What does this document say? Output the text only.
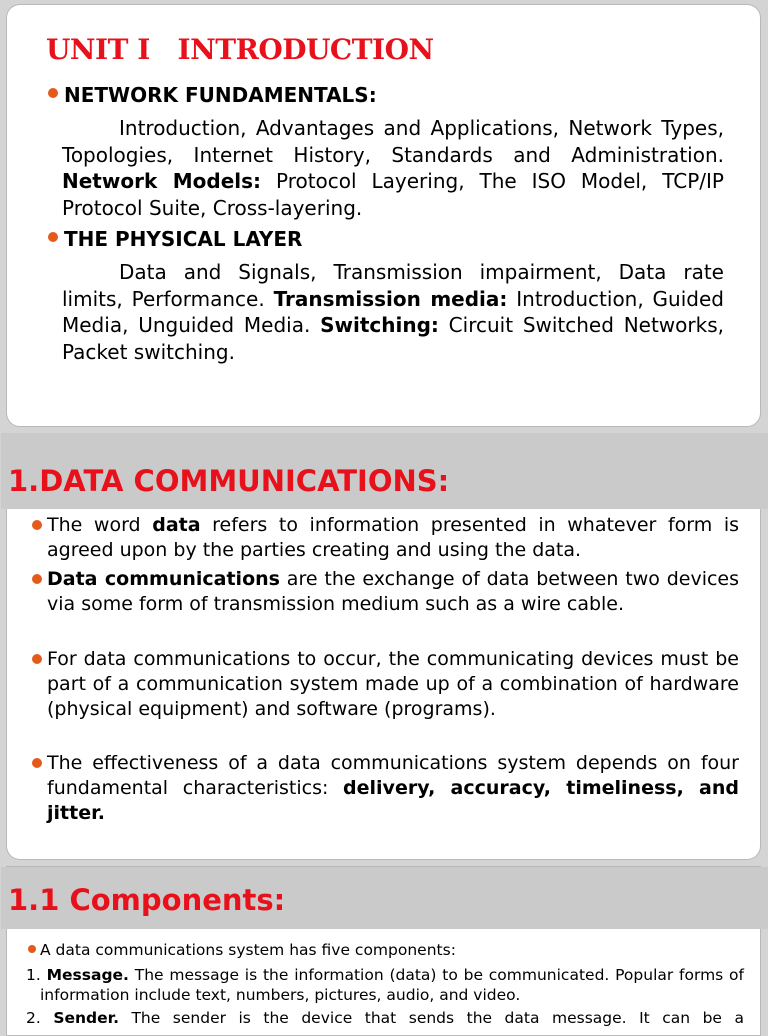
UNIT I   INTRODUCTION
NETWORK FUNDAMENTALS:
Introduction, Advantages and Applications, Network Types, Topologies, Internet History, Standards and Administration. Network Models: Protocol Layering, The ISO Model, TCP/IP Protocol Suite, Cross-layering.
THE PHYSICAL LAYER
Data and Signals, Transmission impairment, Data rate limits, Performance. Transmission media: Introduction, Guided Media, Unguided Media. Switching: Circuit Switched Networks, Packet switching.
1.DATA COMMUNICATIONS:
The word data refers to information presented in whatever form is agreed upon by the parties creating and using the data.
Data communications are the exchange of data between two devices via some form of transmission medium such as a wire cable.
For data communications to occur, the communicating devices must be part of a communication system made up of a combination of hardware (physical equipment) and software (programs).
The effectiveness of a data communications system depends on four fundamental characteristics: delivery, accuracy, timeliness, and jitter.
1.1 Components:
A data communications system has five components:
1. Message. The message is the information (data) to be communicated. Popular forms of information include text, numbers, pictures, audio, and video.
2. Sender. The sender is the device that sends the data message. It can be a
